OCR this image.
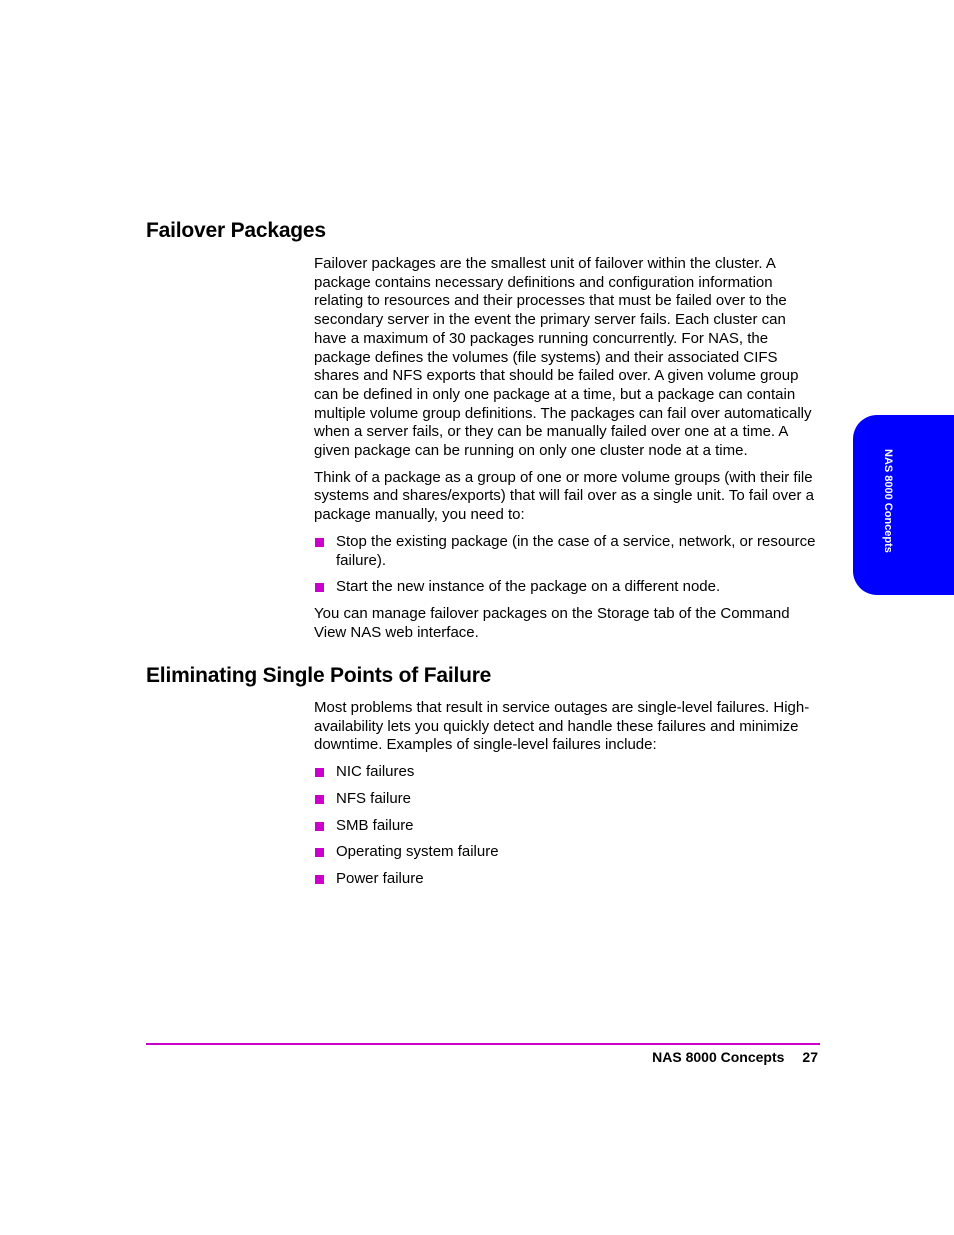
Failover Packages

Failover packages are the smallest unit of failover within the cluster. A package contains necessary definitions and configuration information relating to resources and their processes that must be failed over to the secondary server in the event the primary server fails. Each cluster can have a maximum of 30 packages running concurrently. For NAS, the package defines the volumes (file systems) and their associated CIFS shares and NFS exports that should be failed over. A given volume group can be defined in only one package at a time, but a package can contain multiple volume group definitions. The packages can fail over automatically when a server fails, or they can be manually failed over one at a time. A given package can be running on only one cluster node at a time.

Think of a package as a group of one or more volume groups (with their file systems and shares/exports) that will fail over as a single unit. To fail over a package manually, you need to:

Stop the existing package (in the case of a service, network, or resource failure).
Start the new instance of the package on a different node.

You can manage failover packages on the Storage tab of the Command View NAS web interface.

Eliminating Single Points of Failure

Most problems that result in service outages are single-level failures. High-availability lets you quickly detect and handle these failures and minimize downtime. Examples of single-level failures include:

NIC failures
NFS failure
SMB failure
Operating system failure
Power failure
NAS 8000 Concepts
NAS 8000 Concepts 27
